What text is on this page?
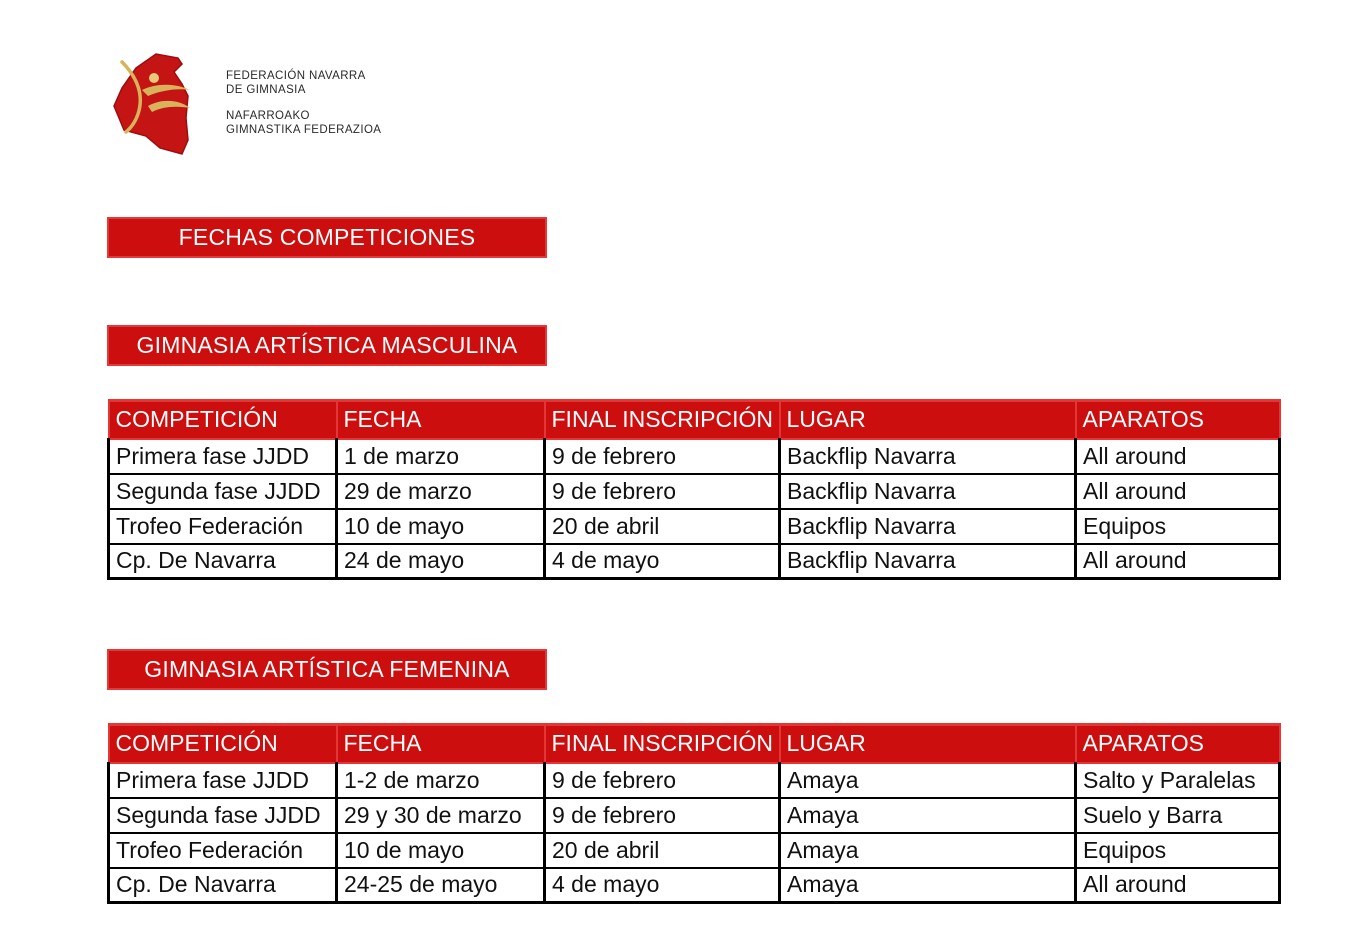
FEDERACIÓN NAVARRA
DE GIMNASIA
NAFARROAKO
GIMNASTIKA FEDERAZIOA
FECHAS COMPETICIONES
GIMNASIA ARTÍSTICA MASCULINA
COMPETICIÓN	FECHA	FINAL INSCRIPCIÓN	LUGAR	APARATOS
Primera fase JJDD	1 de marzo	9 de febrero	Backflip Navarra	All around
Segunda fase JJDD	29 de marzo	9 de febrero	Backflip Navarra	All around
Trofeo Federación	10 de mayo	20 de abril	Backflip Navarra	Equipos
Cp. De Navarra	24 de mayo	4 de mayo	Backflip Navarra	All around
GIMNASIA ARTÍSTICA FEMENINA
COMPETICIÓN	FECHA	FINAL INSCRIPCIÓN	LUGAR	APARATOS
Primera fase JJDD	1-2 de marzo	9 de febrero	Amaya	Salto y Paralelas
Segunda fase JJDD	29 y 30 de marzo	9 de febrero	Amaya	Suelo y Barra
Trofeo Federación	10 de mayo	20 de abril	Amaya	Equipos
Cp. De Navarra	24-25 de mayo	4 de mayo	Amaya	All around
